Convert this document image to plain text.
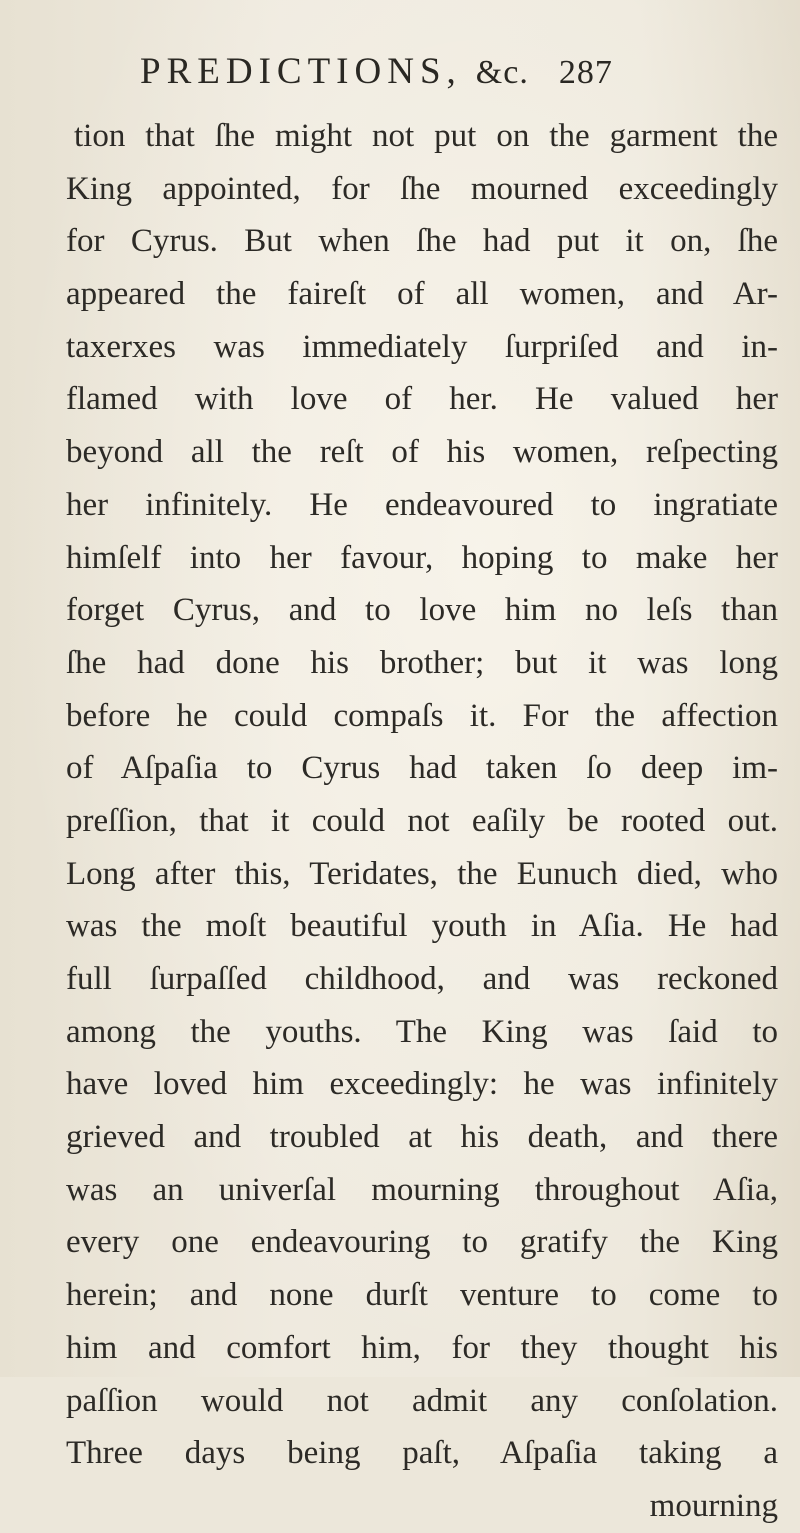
PREDICTIONS, &c. 287
tion that ſhe might not put on the garment the
King appointed, for ſhe mourned exceedingly
for Cyrus. But when ſhe had put it on, ſhe
appeared the faireſt of all women, and Ar-
taxerxes was immediately ſurpriſed and in-
flamed with love of her. He valued her
beyond all the reſt of his women, reſpecting
her infinitely. He endeavoured to ingratiate
himſelf into her favour, hoping to make her
forget Cyrus, and to love him no leſs than
ſhe had done his brother; but it was long
before he could compaſs it. For the affection
of Aſpaſia to Cyrus had taken ſo deep im-
preſſion, that it could not eaſily be rooted out.
Long after this, Teridates, the Eunuch died, who
was the moſt beautiful youth in Aſia. He had
full ſurpaſſed childhood, and was reckoned
among the youths. The King was ſaid to
have loved him exceedingly: he was infinitely
grieved and troubled at his death, and there
was an univerſal mourning throughout Aſia,
every one endeavouring to gratify the King
herein; and none durſt venture to come to
him and comfort him, for they thought his
paſſion would not admit any conſolation.
Three days being paſt, Aſpaſia taking a
mourning
